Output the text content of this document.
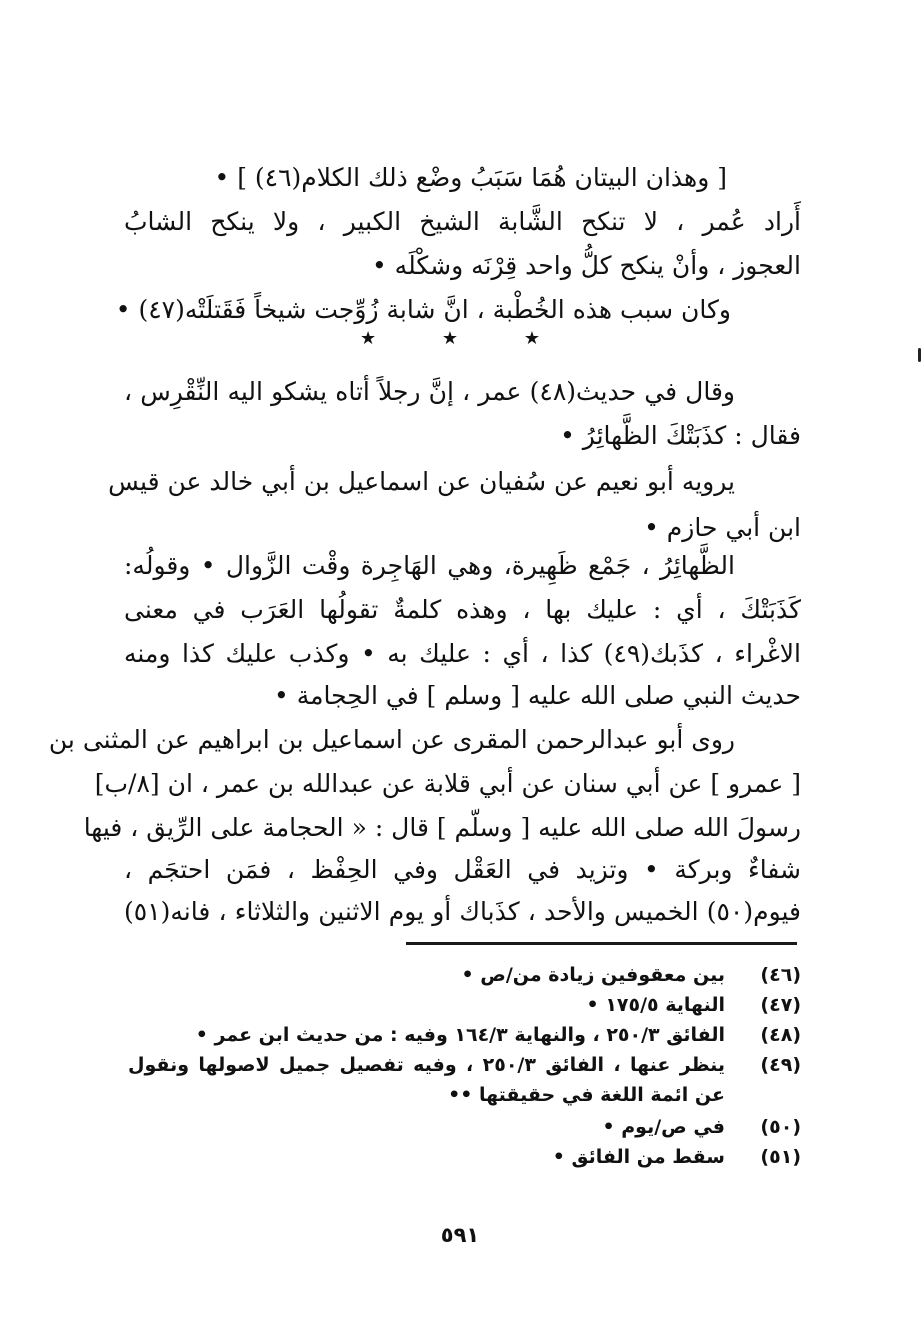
[ وهذان البيتان هُمَا سَبَبُ وضْع ذلك الكلام(٤٦) ] •
أَراد عُمر ، لا تنكح الشَّابة الشيخ الكبير ، ولا ينكح الشابُ
العجوز ، وأنْ ينكح كلُّ واحد قِرْنَه وشكْلَه •
وكان سبب هذه الخُطْبة ، انَّ شابة زُوِّجت شيخاً فَقَتلَتْه(٤٧) •
★	★	★
وقال في حديث(٤٨) عمر ، إنَّ رجلاً أتاه يشكو اليه النِّقْرِس ،
فقال : كذَبَتْكَ الظَّهائِرُ •
يرويه أبو نعيم عن سُفيان عن اسماعيل بن أبي خالد عن قيس
ابن أبي حازم •
الظَّهائِرُ ، جَمْع ظَهِيرة، وهي الهَاجِرة وقْت الزَّوال • وقولُه:
كَذَبَتْكَ ، أي : عليك بها ، وهذه كلمةٌ تقولُها العَرَب في معنى
الاغْراء ، كذَبك(٤٩) كذا ، أي : عليك به • وكذب عليك كذا ومنه
حديث النبي صلى الله عليه [ وسلم ] في الحِجامة •
روى أبو عبدالرحمن المقرى عن اسماعيل بن ابراهيم عن المثنى بن
[ عمرو ] عن أبي سنان عن أبي قلابة عن عبدالله بن عمر ، ان [٨/ب]
رسولَ الله صلى الله عليه [ وسلّم ] قال : « الحجامة على الرِّيق ، فيها
شفاءٌ وبركة • وتزيد في العَقْل وفي الحِفْظ ، فمَن احتجَم ،
فيوم(٥٠) الخميس والأحد ، كذَباك أو يوم الاثنين والثلاثاء ، فانه(٥١)
(٤٦)
بين معقوفين زيادة من/ص •
(٤٧)
النهاية ١٧٥/٥ •
(٤٨)
الفائق ٢٥٠/٣ ، والنهاية ١٦٤/٣ وفيه : من حديث ابن عمر •
(٤٩)
ينظر عنها ، الفائق ٢٥٠/٣ ، وفيه تفصيل جميل لاصولها ونقول
عن ائمة اللغة في حقيقتها ••
(٥٠)
في ص/يوم •
(٥١)
سقط من الفائق •
٥٩١
